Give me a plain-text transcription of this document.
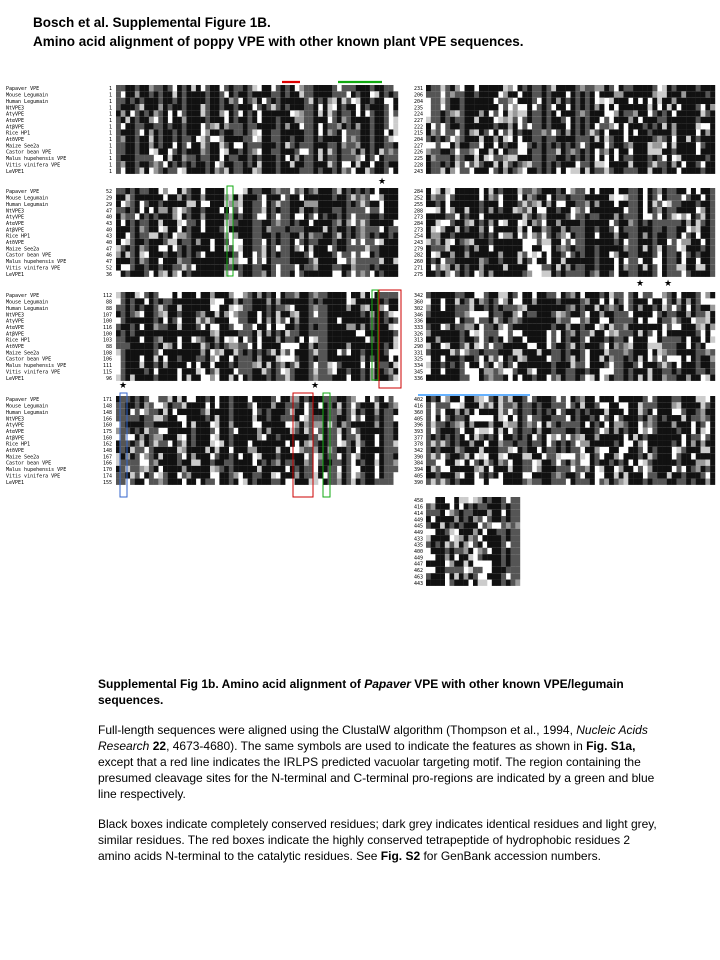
Bosch et al. Supplemental Figure 1B.
Amino acid alignment of poppy VPE with other known plant VPE sequences.
Papaver VPE	1	231
Mouse Legumain	1	206
Human Legumain	1	204
NtVPE3	1	235
AtγVPE	1	224
AtαVPE	1	227
AtβVPE	1	222
Rice HP1	1	215
AtδVPE	1	204
Maize See2a	1	227
Castor bean VPE	1	226
Malus hupehensis VPE	1	225
Vitis vinifera VPE	1	228
LeVPE1	1	243
Papaver VPE	52	284
Mouse Legumain	29	252
Human Legumain	29	255
NtVPE3	47	288
AtγVPE	40	273
AtαVPE	43	284
AtβVPE	40	273
Rice HP1	43	254
AtδVPE	40	243
Maize See2a	47	279
Castor bean VPE	46	282
Malus hupehensis VPE	47	260
Vitis vinifera VPE	52	271
LeVPE1	36	275
Papaver VPE	112	342
Mouse Legumain	88	360
Human Legumain	88	302
NtVPE3	107	346
AtγVPE	100	336
AtαVPE	116	333
AtβVPE	100	326
Rice HP1	103	313
AtδVPE	88	290
Maize See2a	108	331
Castor bean VPE	106	325
Malus hupehensis VPE	111	334
Vitis vinifera VPE	115	345
LeVPE1	96	336
Papaver VPE	171	402
Mouse Legumain	148	416
Human Legumain	148	360
NtVPE3	166	405
AtγVPE	160	396
AtαVPE	175	393
AtβVPE	160	377
Rice HP1	162	378
AtδVPE	148	342
Maize See2a	167	390
Castor bean VPE	166	384
Malus hupehensis VPE	170	394
Vitis vinifera VPE	174	405
LeVPE1	155	390
458
416
414
449
445
449
433
435
400
449
447
462
463
443
★
★	★
★ ★

Supplemental Fig 1b. Amino acid alignment of Papaver VPE with other known VPE/legumain sequences.

Full-length sequences were aligned using the ClustalW algorithm (Thompson et al., 1994, Nucleic Acids Research 22, 4673-4680). The same symbols are used to indicate the features as shown in Fig. S1a, except that a red line indicates the IRLPS predicted vacuolar targeting motif. The region containing the presumed cleavage sites for the N-terminal and C-terminal pro-regions are indicated by a green and blue line respectively.

Black boxes indicate completely conserved residues; dark grey indicates identical residues and light grey, similar residues. The red boxes indicate the highly conserved tetrapeptide of hydrophobic residues 2 amino acids N-terminal to the catalytic residues. See Fig. S2 for GenBank accession numbers.
